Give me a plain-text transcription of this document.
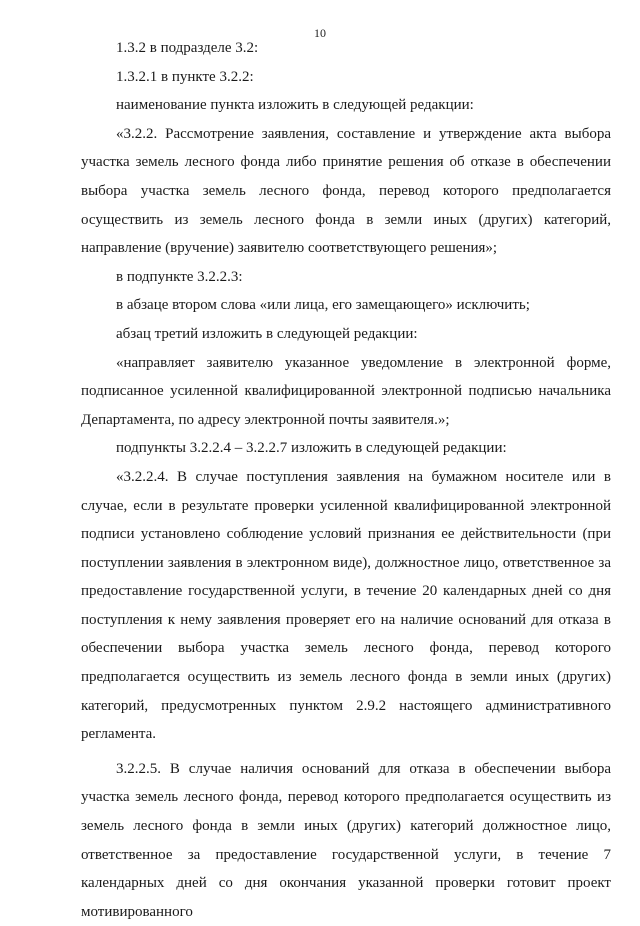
10

1.3.2 в подразделе 3.2:

1.3.2.1 в пункте 3.2.2:

наименование пункта изложить в следующей редакции:

«3.2.2. Рассмотрение заявления, составление и утверждение акта выбора участка земель лесного фонда либо принятие решения об отказе в обеспечении выбора участка земель лесного фонда, перевод которого предполагается осуществить из земель лесного фонда в земли иных (других) категорий, направление (вручение) заявителю соответствующего решения»;

в подпункте 3.2.2.3:

в абзаце втором слова «или лица, его замещающего» исключить;

абзац третий изложить в следующей редакции:

«направляет заявителю указанное уведомление в электронной форме, подписанное усиленной квалифицированной электронной подписью начальника Департамента, по адресу электронной почты заявителя.»;

подпункты 3.2.2.4 – 3.2.2.7 изложить в следующей редакции:

«3.2.2.4. В случае поступления заявления на бумажном носителе или в случае, если в результате проверки усиленной квалифицированной электронной подписи установлено соблюдение условий признания ее действительности (при поступлении заявления в электронном виде), должностное лицо, ответственное за предоставление государственной услуги, в течение 20 календарных дней со дня поступления к нему заявления проверяет его на наличие оснований для отказа в обеспечении выбора участка земель лесного фонда, перевод которого предполагается осуществить из земель лесного фонда в земли иных (других) категорий, предусмотренных пунктом 2.9.2 настоящего административного регламента.

3.2.2.5. В случае наличия оснований для отказа в обеспечении выбора участка земель лесного фонда, перевод которого предполагается осуществить из земель лесного фонда в земли иных (других) категорий должностное лицо, ответственное за предоставление государственной услуги, в течение 7 календарных дней со дня окончания указанной проверки готовит проект мотивированного
